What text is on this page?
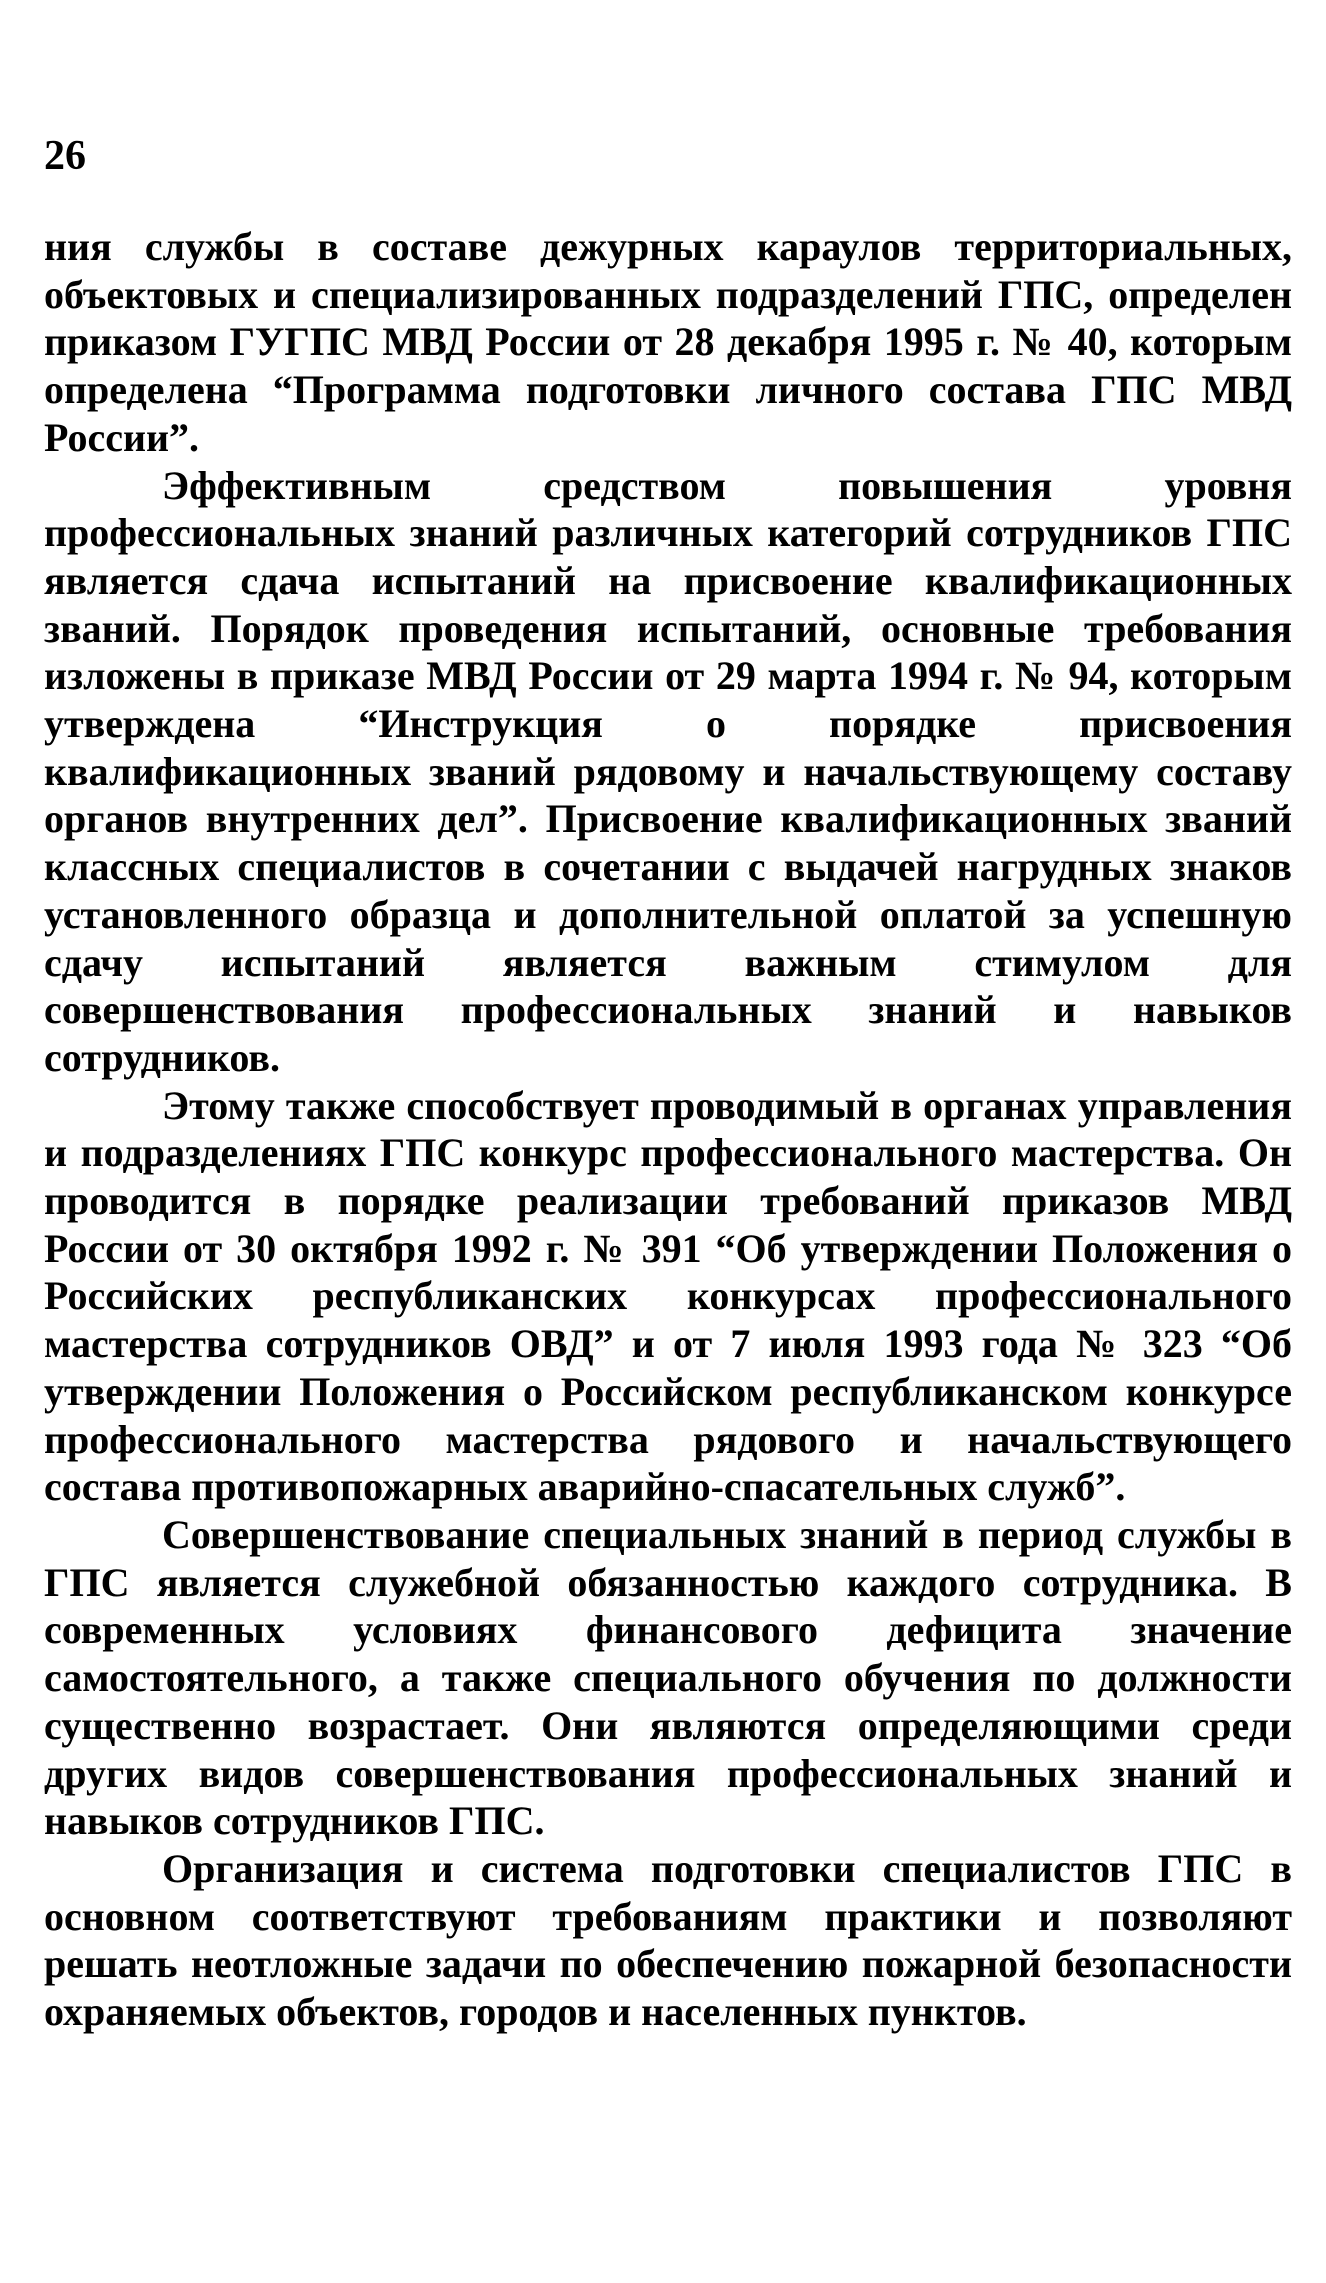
26

ния службы в составе дежурных караулов территориальных, объектовых и специализированных подразделений ГПС, определен приказом ГУГПС МВД России от 28 декабря 1995 г. № 40, которым определена “Программа подготовки личного состава ГПС МВД России”.

Эффективным средством повышения уровня профессиональных знаний различных категорий сотрудников ГПС является сдача испытаний на присвоение квалификационных званий. Порядок проведения испытаний, основные требования изложены в приказе МВД России от 29 марта 1994 г. № 94, которым утверждена “Инструкция о порядке присвоения квалификационных званий рядовому и начальствующему составу органов внутренних дел”. Присвоение квалификационных званий классных специалистов в сочетании с выдачей нагрудных знаков установленного образца и дополнительной оплатой за успешную сдачу испытаний является важным стимулом для совершенствования профессиональных знаний и навыков сотрудников.

Этому также способствует проводимый в органах управления и подразделениях ГПС конкурс профессионального мастерства. Он проводится в порядке реализации требований приказов МВД России от 30 октября 1992 г. № 391 “Об утверждении Положения о Российских республиканских конкурсах профессионального мастерства сотрудников ОВД” и от 7 июля 1993 года № 323 “Об утверждении Положения о Российском республиканском конкурсе профессионального мастерства рядового и начальствующего состава противопожарных аварийно-спасательных служб”.

Совершенствование специальных знаний в период службы в ГПС является служебной обязанностью каждого сотрудника. В современных условиях финансового дефицита значение самостоятельного, а также специального обучения по должности существенно возрастает. Они являются определяющими среди других видов совершенствования профессиональных знаний и навыков сотрудников ГПС.

Организация и система подготовки специалистов ГПС в основном соответствуют требованиям практики и позволяют решать неотложные задачи по обеспечению пожарной безопасности охраняемых объектов, городов и населенных пунктов.
